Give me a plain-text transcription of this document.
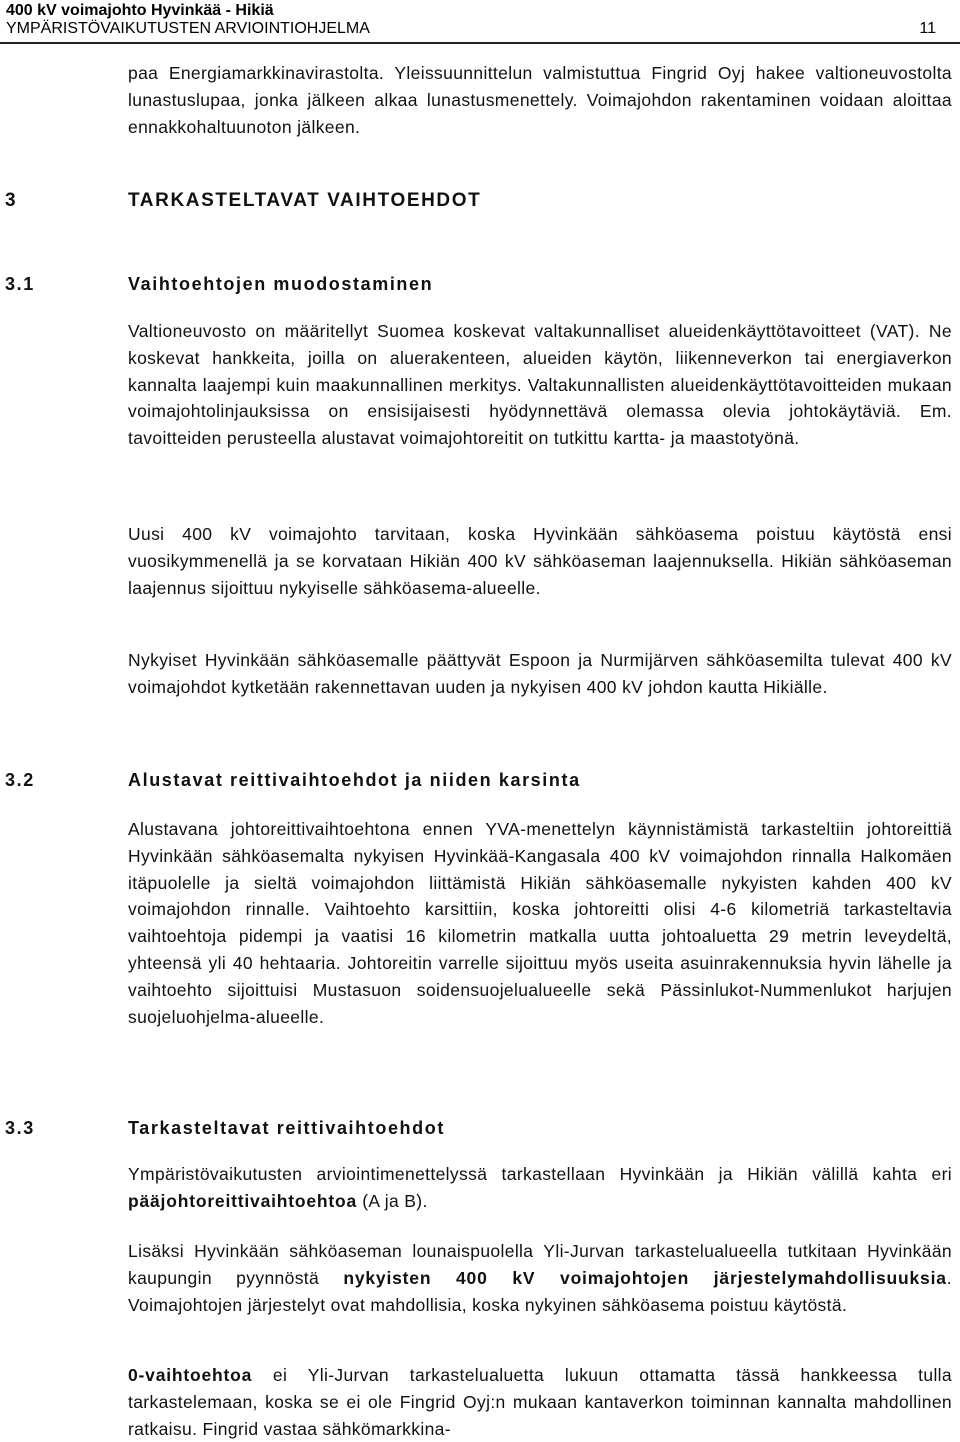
400 kV voimajohto Hyvinkää - Hikiä
YMPÄRISTÖVAIKUTUSTEN ARVIOINTIOHJELMA	11

paa Energiamarkkinavirastolta. Yleissuunnittelun valmistuttua Fingrid Oyj hakee valtioneuvostolta lunastuslupaa, jonka jälkeen alkaa lunastusmenettely. Voimajohdon rakentaminen voidaan aloittaa ennakkohaltuunoton jälkeen.

3	TARKASTELTAVAT VAIHTOEHDOT
3.1	Vaihtoehtojen muodostaminen

Valtioneuvosto on määritellyt Suomea koskevat valtakunnalliset alueidenkäyttötavoitteet (VAT). Ne koskevat hankkeita, joilla on aluerakenteen, alueiden käytön, liikenneverkon tai energiaverkon kannalta laajempi kuin maakunnallinen merkitys. Valtakunnallisten alueidenkäyttötavoitteiden mukaan voimajohtolinjauksissa on ensisijaisesti hyödynnettävä olemassa olevia johtokäytäviä. Em. tavoitteiden perusteella alustavat voimajohtoreitit on tutkittu kartta- ja maastotyönä.

Uusi 400 kV voimajohto tarvitaan, koska Hyvinkään sähköasema poistuu käytöstä ensi vuosikymmenellä ja se korvataan Hikiän 400 kV sähköaseman laajennuksella. Hikiän sähköaseman laajennus sijoittuu nykyiselle sähköasema-alueelle.

Nykyiset Hyvinkään sähköasemalle päättyvät Espoon ja Nurmijärven sähköasemilta tulevat 400 kV voimajohdot kytketään rakennettavan uuden ja nykyisen 400 kV johdon kautta Hikiälle.

3.2	Alustavat reittivaihtoehdot ja niiden karsinta

Alustavana johtoreittivaihtoehtona ennen YVA-menettelyn käynnistämistä tarkasteltiin johtoreittiä Hyvinkään sähköasemalta nykyisen Hyvinkää-Kangasala 400 kV voimajohdon rinnalla Halkomäen itäpuolelle ja sieltä voimajohdon liittämistä Hikiän sähköasemalle nykyisten kahden 400 kV voimajohdon rinnalle. Vaihtoehto karsittiin, koska johtoreitti olisi 4-6 kilometriä tarkasteltavia vaihtoehtoja pidempi ja vaatisi 16 kilometrin matkalla uutta johtoaluetta 29 metrin leveydeltä, yhteensä yli 40 hehtaaria. Johtoreitin varrelle sijoittuu myös useita asuinrakennuksia hyvin lähelle ja vaihtoehto sijoittuisi Mustasuon soidensuojelualueelle sekä Pässinlukot-Nummenlukot harjujen suojeluohjelma-alueelle.

3.3	Tarkasteltavat reittivaihtoehdot

Ympäristövaikutusten arviointimenettelyssä tarkastellaan Hyvinkään ja Hikiän välillä kahta eri pääjohtoreittivaihtoehtoa (A ja B).

Lisäksi Hyvinkään sähköaseman lounaispuolella Yli-Jurvan tarkastelualueella tutkitaan Hyvinkään kaupungin pyynnöstä nykyisten 400 kV voimajohtojen järjestelymahdollisuuksia. Voimajohtojen järjestelyt ovat mahdollisia, koska nykyinen sähköasema poistuu käytöstä.

0-vaihtoehtoa ei Yli-Jurvan tarkastelualuetta lukuun ottamatta tässä hankkeessa tulla tarkastelemaan, koska se ei ole Fingrid Oyj:n mukaan kantaverkon toiminnan kannalta mahdollinen ratkaisu. Fingrid vastaa sähkömarkkina-
